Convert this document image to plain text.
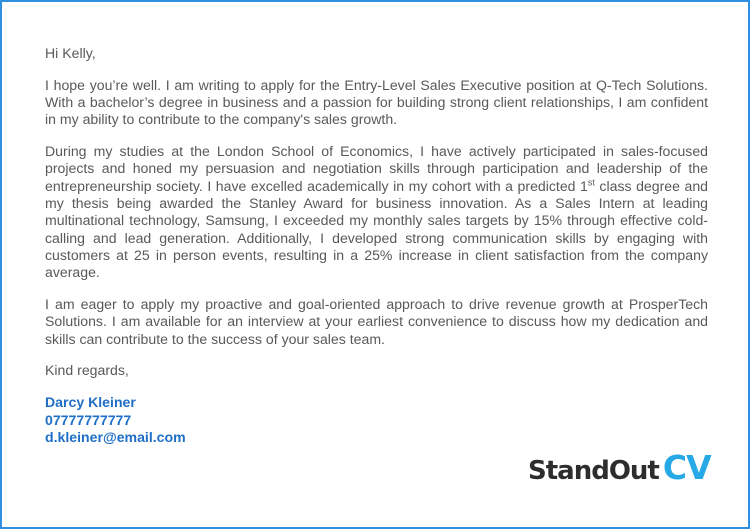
Hi Kelly,

I hope you’re well. I am writing to apply for the Entry-Level Sales Executive position at Q-Tech Solutions. With a bachelor’s degree in business and a passion for building strong client relationships, I am confident in my ability to contribute to the company's sales growth.

During my studies at the London School of Economics, I have actively participated in sales-focused projects and honed my persuasion and negotiation skills through participation and leadership of the entrepreneurship society. I have excelled academically in my cohort with a predicted 1st class degree and my thesis being awarded the Stanley Award for business innovation. As a Sales Intern at leading multinational technology, Samsung, I exceeded my monthly sales targets by 15% through effective cold-calling and lead generation. Additionally, I developed strong communication skills by engaging with customers at 25 in person events, resulting in a 25% increase in client satisfaction from the company average.

I am eager to apply my proactive and goal-oriented approach to drive revenue growth at ProsperTech Solutions. I am available for an interview at your earliest convenience to discuss how my dedication and skills can contribute to the success of your sales team.

Kind regards,

Darcy Kleiner
07777777777
d.kleiner@email.com
StandOut CV
